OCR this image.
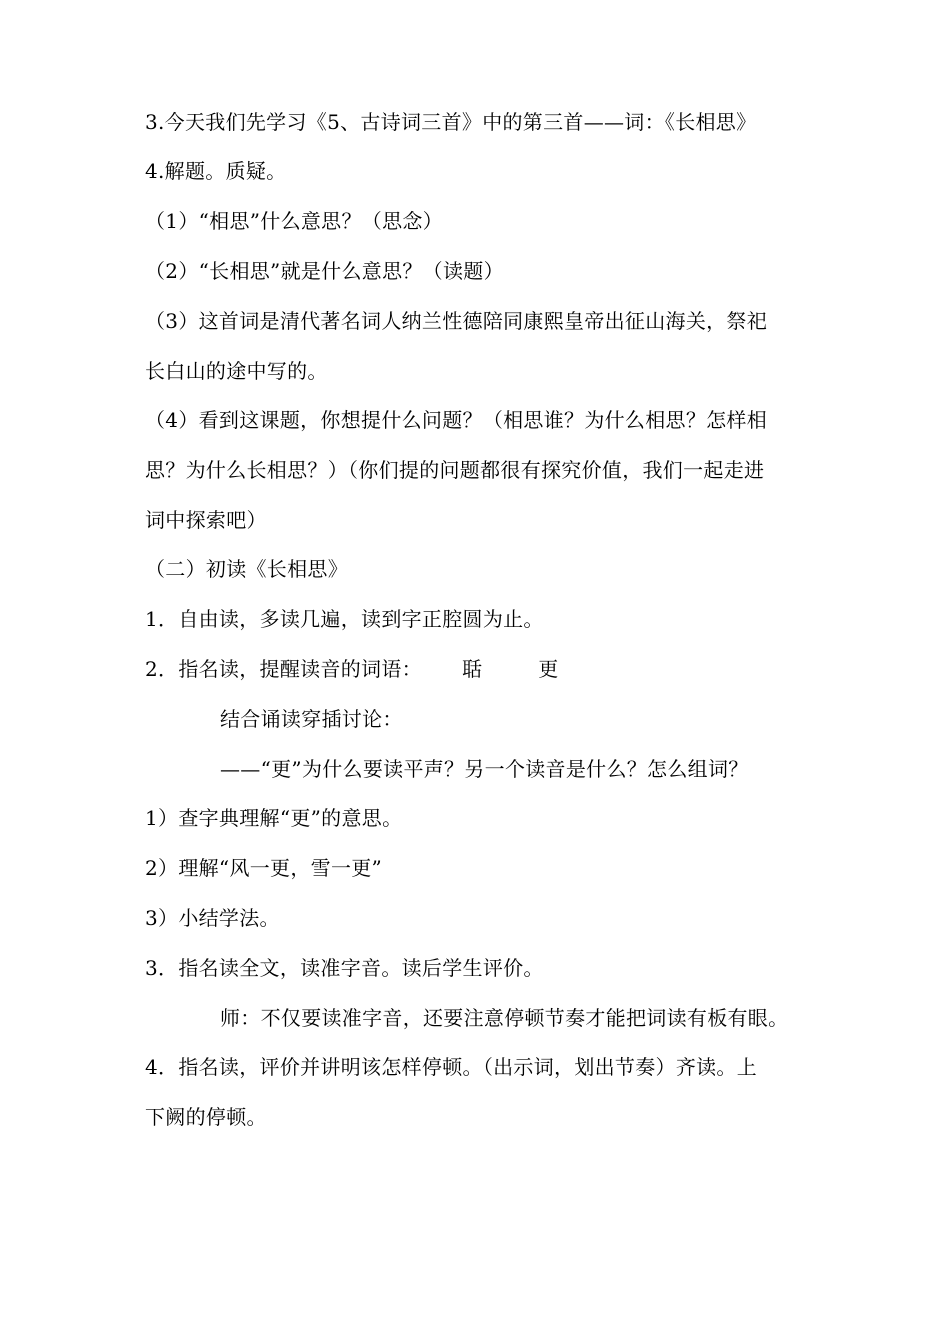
3.今天我们先学习《5、古诗词三首》中的第三首——词：《长相思》
4.解题。质疑。
（1）“相思”什么意思？（思念）
（2）“长相思”就是什么意思？（读题）
（3）这首词是清代著名词人纳兰性德陪同康熙皇帝出征山海关，祭祀
长白山的途中写的。
（4）看到这课题，你想提什么问题？（相思谁？为什么相思？怎样相
思？为什么长相思？）（你们提的问题都很有探究价值，我们一起走进
词中探索吧）
（二）初读《长相思》
1．自由读，多读几遍，读到字正腔圆为止。
2．指名读，提醒读音的词语： 聒	更
结合诵读穿插讨论：
——“更”为什么要读平声？另一个读音是什么？怎么组词？
1）查字典理解“更”的意思。
2）理解“风一更，雪一更”
3）小结学法。
3．指名读全文，读准字音。读后学生评价。
师：不仅要读准字音，还要注意停顿节奏才能把词读有板有眼。
4．指名读，评价并讲明该怎样停顿。（出示词，划出节奏）齐读。上
下阙的停顿。
